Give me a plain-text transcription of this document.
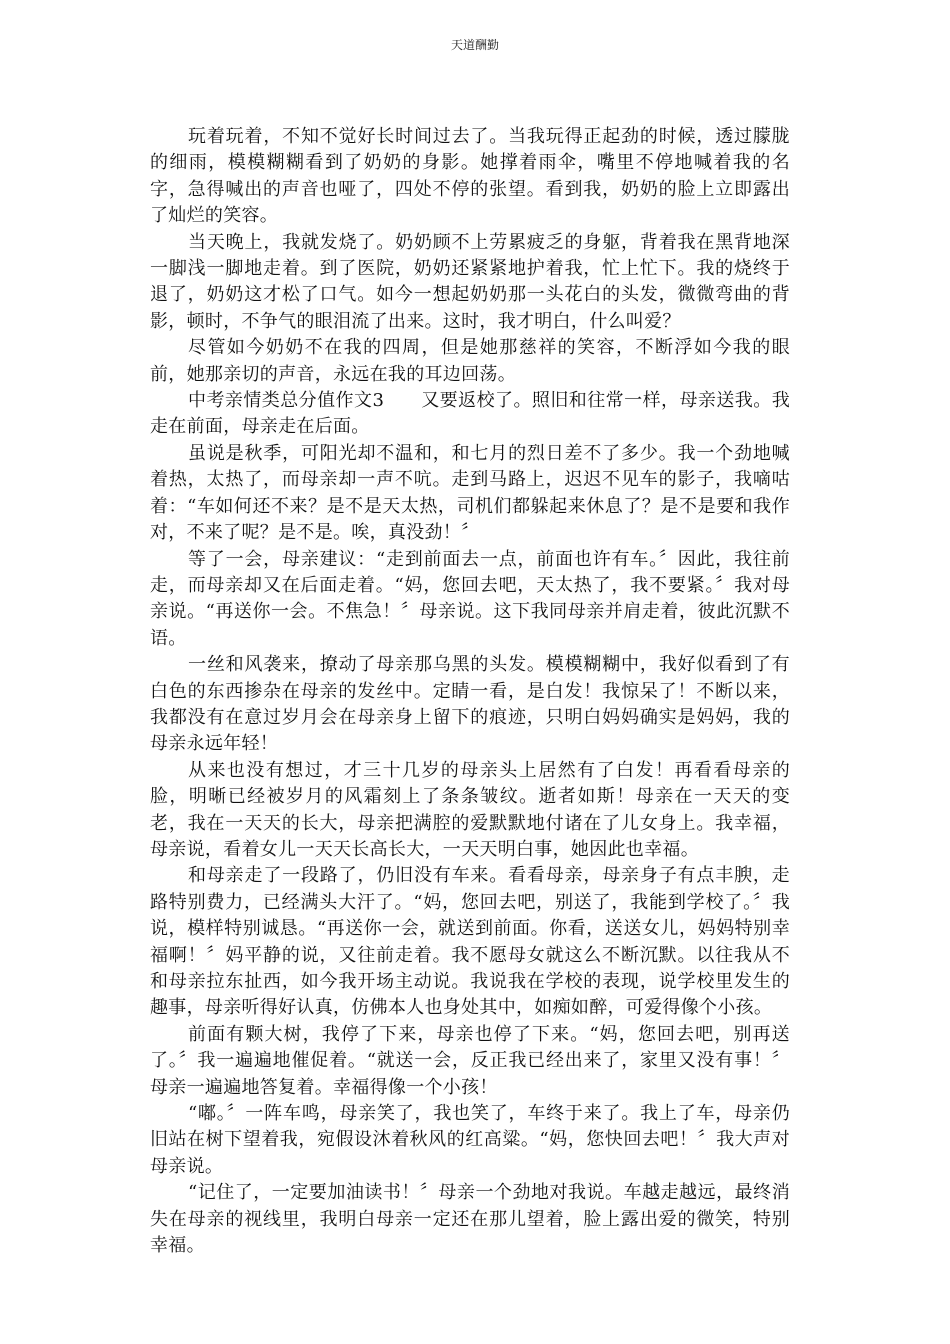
天道酬勤

玩着玩着，不知不觉好长时间过去了。当我玩得正起劲的时候，透过朦胧的细雨，模模糊糊看到了奶奶的身影。她撑着雨伞，嘴里不停地喊着我的名字，急得喊出的声音也哑了，四处不停的张望。看到我，奶奶的脸上立即露出了灿烂的笑容。

当天晚上，我就发烧了。奶奶顾不上劳累疲乏的身躯，背着我在黑背地深一脚浅一脚地走着。到了医院，奶奶还紧紧地护着我，忙上忙下。我的烧终于退了，奶奶这才松了口气。如今一想起奶奶那一头花白的头发，微微弯曲的背影，顿时，不争气的眼泪流了出来。这时，我才明白，什么叫爱？

尽管如今奶奶不在我的四周，但是她那慈祥的笑容，不断浮如今我的眼前，她那亲切的声音，永远在我的耳边回荡。

中考亲情类总分值作文3　　又要返校了。照旧和往常一样，母亲送我。我走在前面，母亲走在后面。

虽说是秋季，可阳光却不温和，和七月的烈日差不了多少。我一个劲地喊着热，太热了，而母亲却一声不吭。走到马路上，迟迟不见车的影子，我嘀咕着：“车如何还不来？是不是天太热，司机们都躲起来休息了？是不是要和我作对，不来了呢？是不是。唉，真没劲！〞

等了一会，母亲建议：“走到前面去一点，前面也许有车。〞因此，我往前走，而母亲却又在后面走着。“妈，您回去吧，天太热了，我不要紧。〞我对母亲说。“再送你一会。不焦急！〞母亲说。这下我同母亲并肩走着，彼此沉默不语。

一丝和风袭来，撩动了母亲那乌黑的头发。模模糊糊中，我好似看到了有白色的东西掺杂在母亲的发丝中。定睛一看，是白发！我惊呆了！不断以来，我都没有在意过岁月会在母亲身上留下的痕迹，只明白妈妈确实是妈妈，我的母亲永远年轻！

从来也没有想过，才三十几岁的母亲头上居然有了白发！再看看母亲的脸，明晰已经被岁月的风霜刻上了条条皱纹。逝者如斯！母亲在一天天的变老，我在一天天的长大，母亲把满腔的爱默默地付诸在了儿女身上。我幸福，母亲说，看着女儿一天天长高长大，一天天明白事，她因此也幸福。

和母亲走了一段路了，仍旧没有车来。看看母亲，母亲身子有点丰腴，走路特别费力，已经满头大汗了。“妈，您回去吧，别送了，我能到学校了。〞我说，模样特别诚恳。“再送你一会，就送到前面。你看，送送女儿，妈妈特别幸福啊！〞妈平静的说，又往前走着。我不愿母女就这么不断沉默。以往我从不和母亲拉东扯西，如今我开场主动说。我说我在学校的表现，说学校里发生的趣事，母亲听得好认真，仿佛本人也身处其中，如痴如醉，可爱得像个小孩。

前面有颗大树，我停了下来，母亲也停了下来。“妈，您回去吧，别再送了。〞我一遍遍地催促着。“就送一会，反正我已经出来了，家里又没有事！〞母亲一遍遍地答复着。幸福得像一个小孩！

“嘟。〞一阵车鸣，母亲笑了，我也笑了，车终于来了。我上了车，母亲仍旧站在树下望着我，宛假设沐着秋风的红高粱。“妈，您快回去吧！〞我大声对母亲说。

“记住了，一定要加油读书！〞母亲一个劲地对我说。车越走越远，最终消失在母亲的视线里，我明白母亲一定还在那儿望着，脸上露出爱的微笑，特别幸福。
